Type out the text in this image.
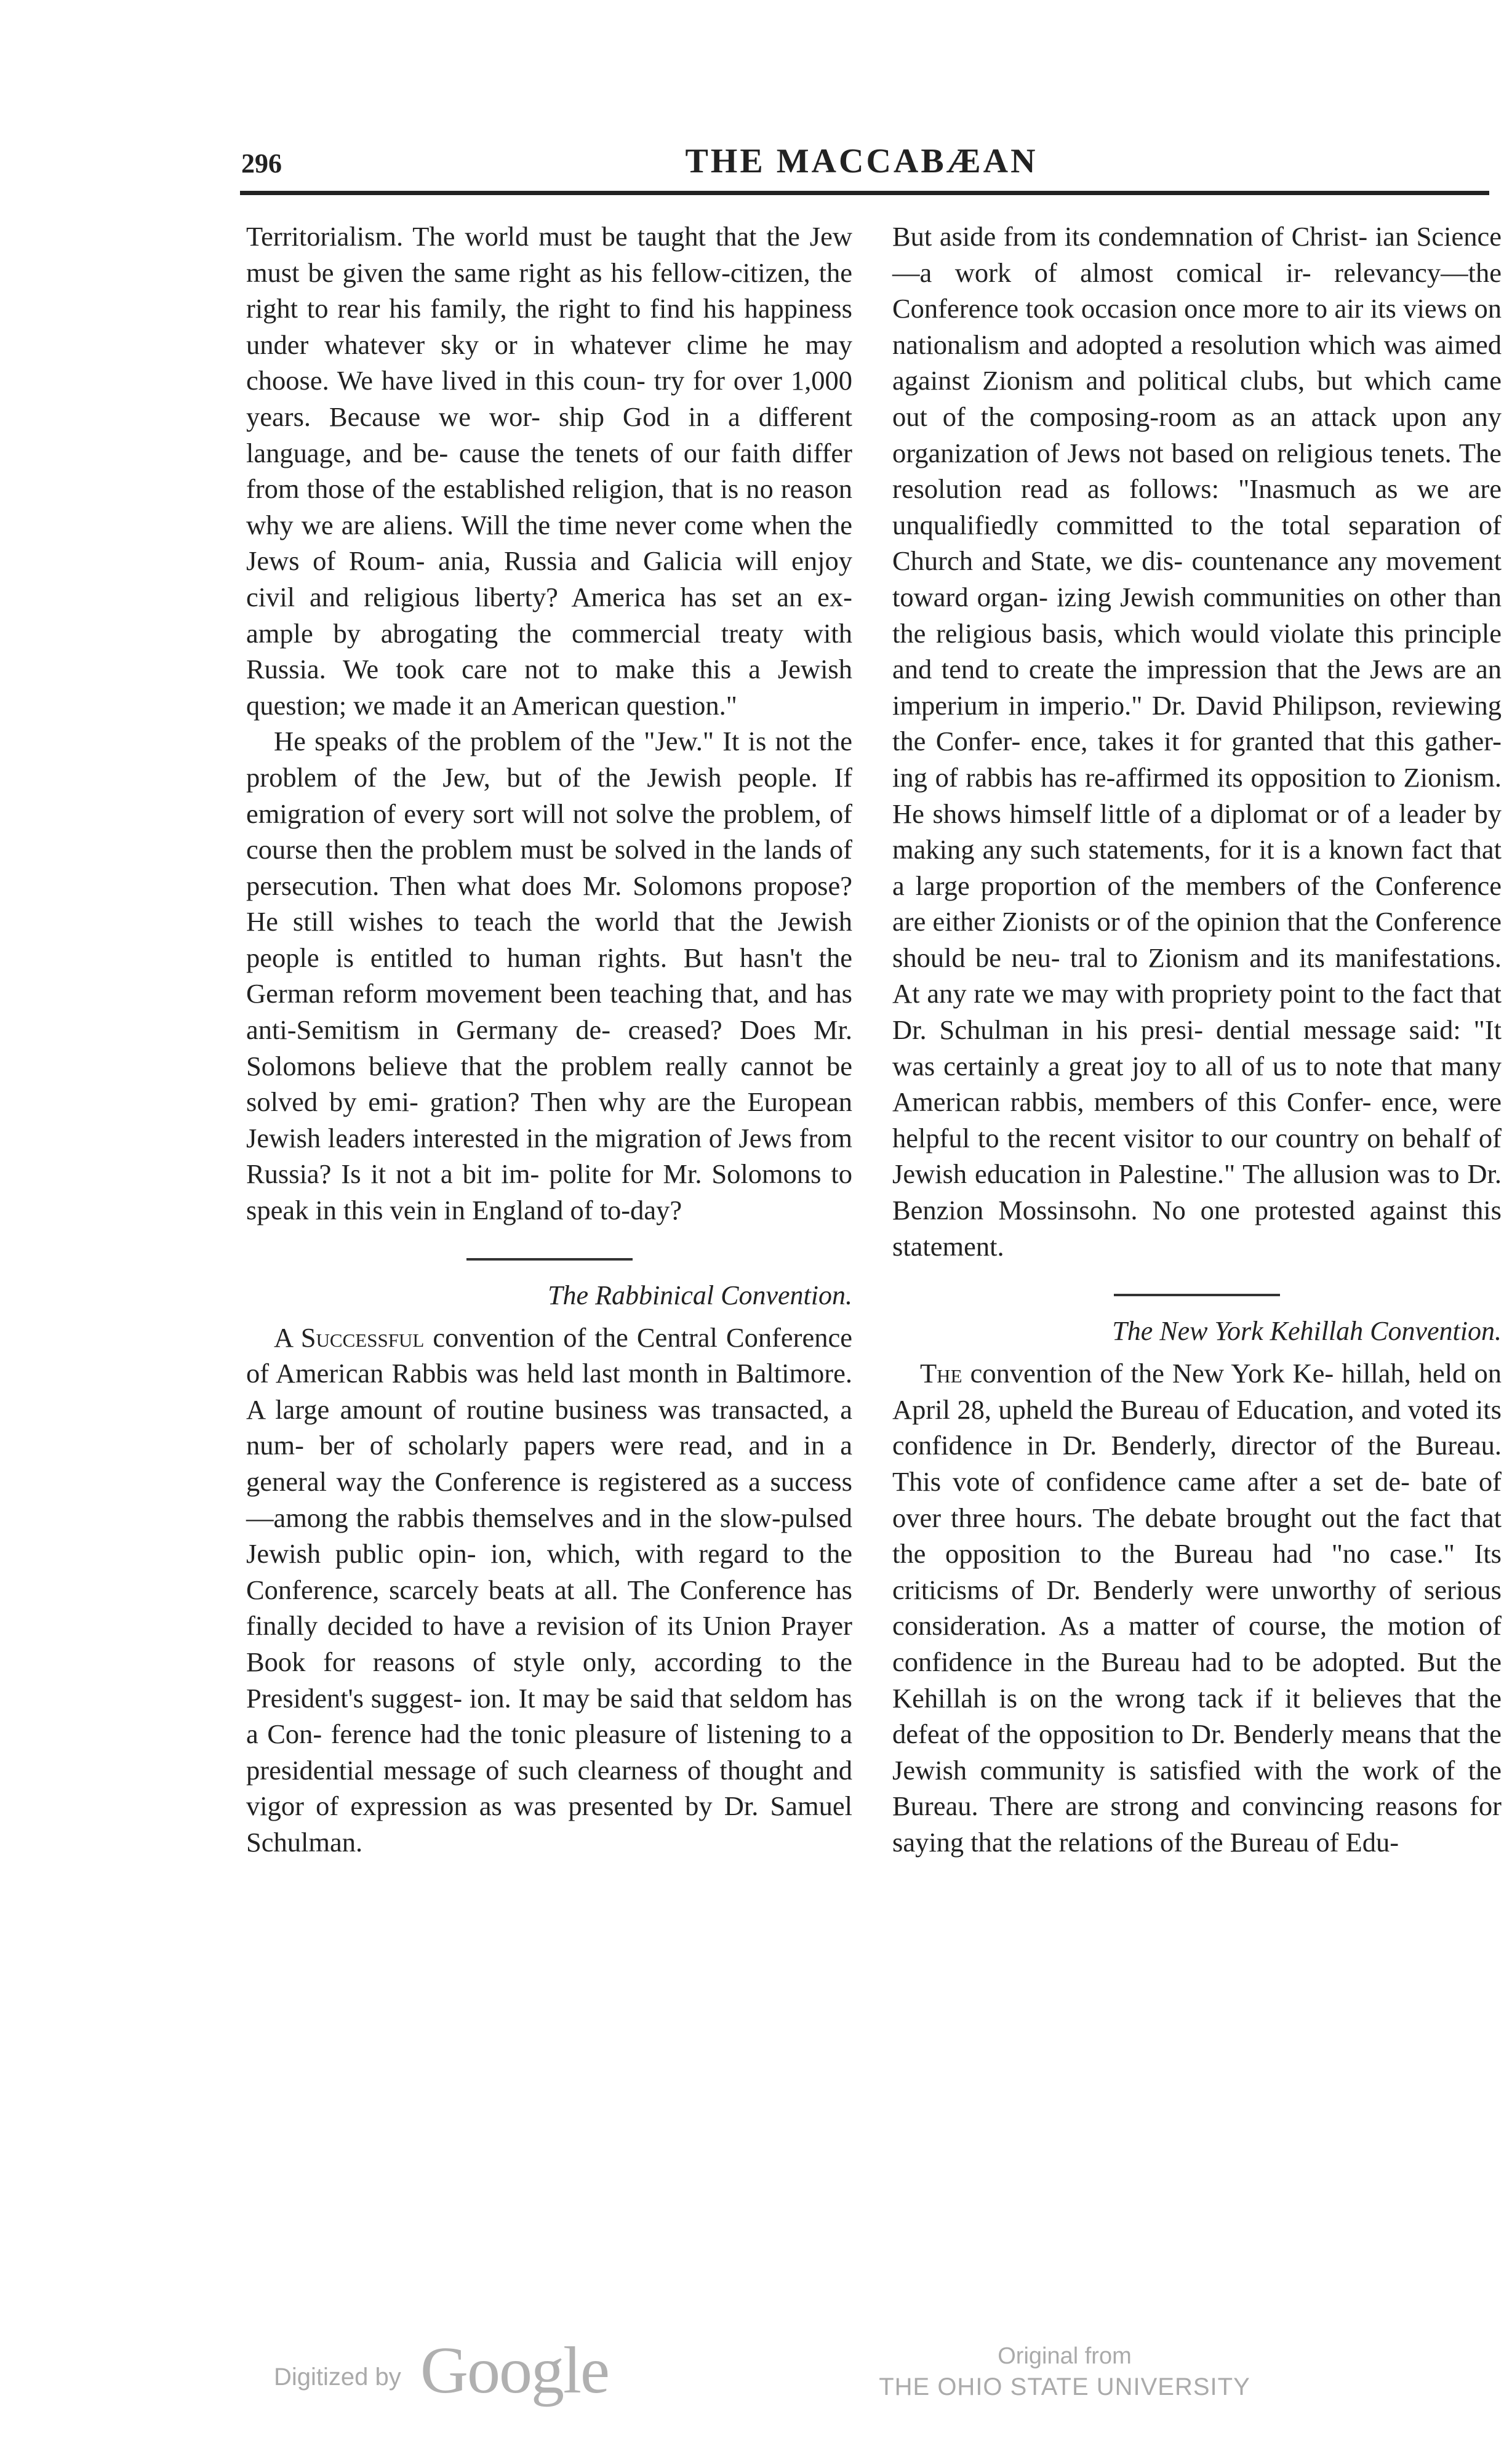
296	THE MACCABÆAN

Territorialism. The world must be taught that the Jew must be given the same right as his fellow-citizen, the right to rear his family, the right to find his happiness under whatever sky or in whatever clime he may choose. We have lived in this coun- try for over 1,000 years. Because we wor- ship God in a different language, and be- cause the tenets of our faith differ from those of the established religion, that is no reason why we are aliens. Will the time never come when the Jews of Roum- ania, Russia and Galicia will enjoy civil and religious liberty? America has set an ex- ample by abrogating the commercial treaty with Russia. We took care not to make this a Jewish question; we made it an American question."

He speaks of the problem of the "Jew." It is not the problem of the Jew, but of the Jewish people. If emigration of every sort will not solve the problem, of course then the problem must be solved in the lands of persecution. Then what does Mr. Solomons propose? He still wishes to teach the world that the Jewish people is entitled to human rights. But hasn't the German reform movement been teaching that, and has anti-Semitism in Germany de- creased? Does Mr. Solomons believe that the problem really cannot be solved by emi- gration? Then why are the European Jewish leaders interested in the migration of Jews from Russia? Is it not a bit im- polite for Mr. Solomons to speak in this vein in England of to-day?

The Rabbinical Convention.

A Successful convention of the Central Conference of American Rabbis was held last month in Baltimore. A large amount of routine business was transacted, a num- ber of scholarly papers were read, and in a general way the Conference is registered as a success—among the rabbis themselves and in the slow-pulsed Jewish public opin- ion, which, with regard to the Conference, scarcely beats at all. The Conference has finally decided to have a revision of its Union Prayer Book for reasons of style only, according to the President's suggest- ion. It may be said that seldom has a Con- ference had the tonic pleasure of listening to a presidential message of such clearness of thought and vigor of expression as was presented by Dr. Samuel Schulman.

But aside from its condemnation of Christ- ian Science—a work of almost comical ir- relevancy—the Conference took occasion once more to air its views on nationalism and adopted a resolution which was aimed against Zionism and political clubs, but which came out of the composing-room as an attack upon any organization of Jews not based on religious tenets. The resolution read as follows: "Inasmuch as we are unqualifiedly committed to the total separation of Church and State, we dis- countenance any movement toward organ- izing Jewish communities on other than the religious basis, which would violate this principle and tend to create the impression that the Jews are an imperium in imperio." Dr. David Philipson, reviewing the Confer- ence, takes it for granted that this gather- ing of rabbis has re-affirmed its opposition to Zionism. He shows himself little of a diplomat or of a leader by making any such statements, for it is a known fact that a large proportion of the members of the Conference are either Zionists or of the opinion that the Conference should be neu- tral to Zionism and its manifestations. At any rate we may with propriety point to the fact that Dr. Schulman in his presi- dential message said: "It was certainly a great joy to all of us to note that many American rabbis, members of this Confer- ence, were helpful to the recent visitor to our country on behalf of Jewish education in Palestine." The allusion was to Dr. Benzion Mossinsohn. No one protested against this statement.

The New York Kehillah Convention.

The convention of the New York Ke- hillah, held on April 28, upheld the Bureau of Education, and voted its confidence in Dr. Benderly, director of the Bureau. This vote of confidence came after a set de- bate of over three hours. The debate brought out the fact that the opposition to the Bureau had "no case." Its criticisms of Dr. Benderly were unworthy of serious consideration. As a matter of course, the motion of confidence in the Bureau had to be adopted. But the Kehillah is on the wrong tack if it believes that the defeat of the opposition to Dr. Benderly means that the Jewish community is satisfied with the work of the Bureau. There are strong and convincing reasons for saying that the relations of the Bureau of Edu-

Digitized by Google	Original from
THE OHIO STATE UNIVERSITY
